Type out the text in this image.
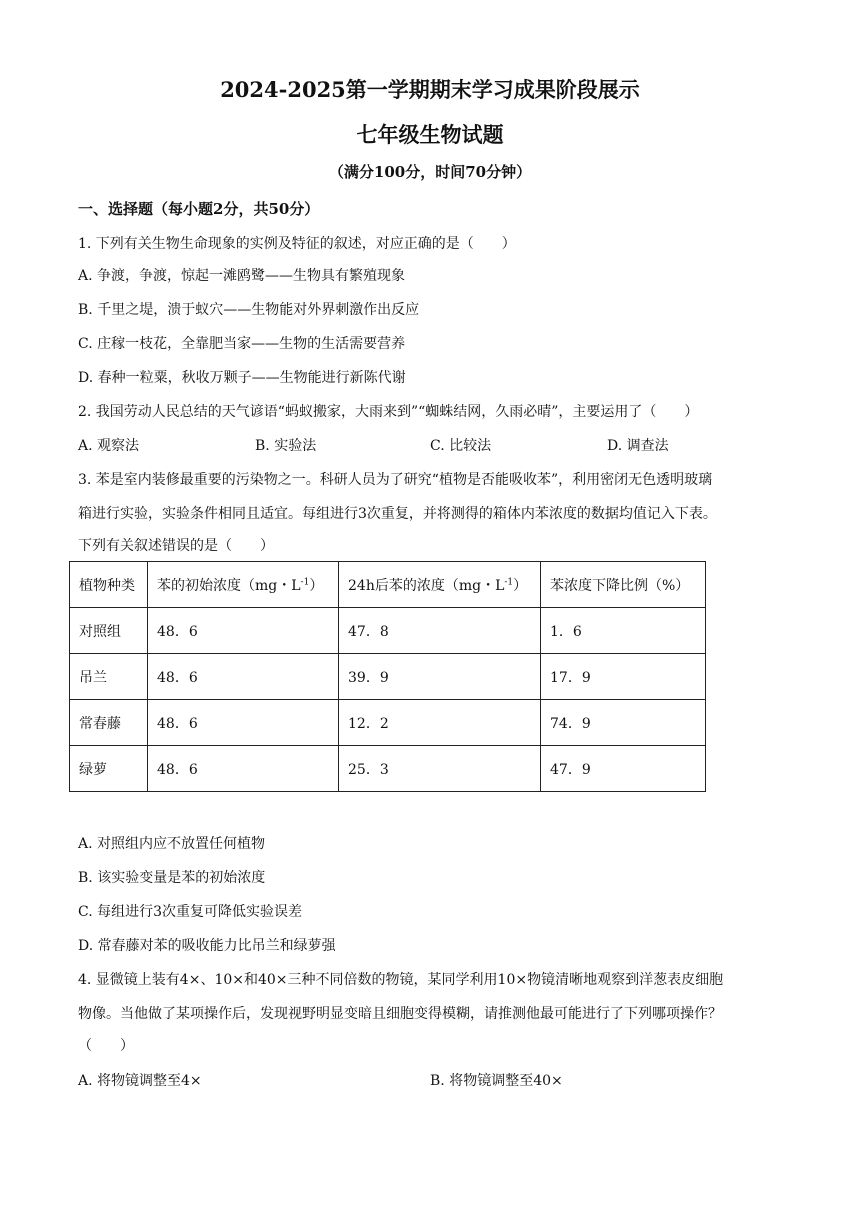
2024-2025第一学期期末学习成果阶段展示
七年级生物试题
（满分100分，时间70分钟）
一、选择题（每小题2分，共50分）
1. 下列有关生物生命现象的实例及特征的叙述，对应正确的是（　　）
A. 争渡，争渡，惊起一滩鸥鹭——生物具有繁殖现象
B. 千里之堤，溃于蚁穴——生物能对外界刺激作出反应
C. 庄稼一枝花，全靠肥当家——生物的生活需要营养
D. 春种一粒粟，秋收万颗子——生物能进行新陈代谢
2. 我国劳动人民总结的天气谚语“蚂蚁搬家，大雨来到”“蜘蛛结网，久雨必晴”，主要运用了（　　）
A. 观察法	B. 实验法	C. 比较法	D. 调查法
3. 苯是室内装修最重要的污染物之一。科研人员为了研究“植物是否能吸收苯”，利用密闭无色透明玻璃
箱进行实验，实验条件相同且适宜。每组进行3次重复，并将测得的箱体内苯浓度的数据均值记入下表。
下列有关叙述错误的是（　　）
植物种类	苯的初始浓度（mg・$L^{-1}$）	24h后苯的浓度（mg・$L^{-1}$）	苯浓度下降比例（%）
对照组	48．6	47．8	1．6
吊兰	48．6	39．9	17．9
常春藤	48．6	12．2	74．9
绿萝	48．6	25．3	47．9
A. 对照组内应不放置任何植物
B. 该实验变量是苯的初始浓度
C. 每组进行3次重复可降低实验误差
D. 常春藤对苯的吸收能力比吊兰和绿萝强
4. 显微镜上装有4×、10×和40×三种不同倍数的物镜，某同学利用10×物镜清晰地观察到洋葱表皮细胞
物像。当他做了某项操作后，发现视野明显变暗且细胞变得模糊，请推测他最可能进行了下列哪项操作？
（　　）
A. 将物镜调整至4×	B. 将物镜调整至40×
